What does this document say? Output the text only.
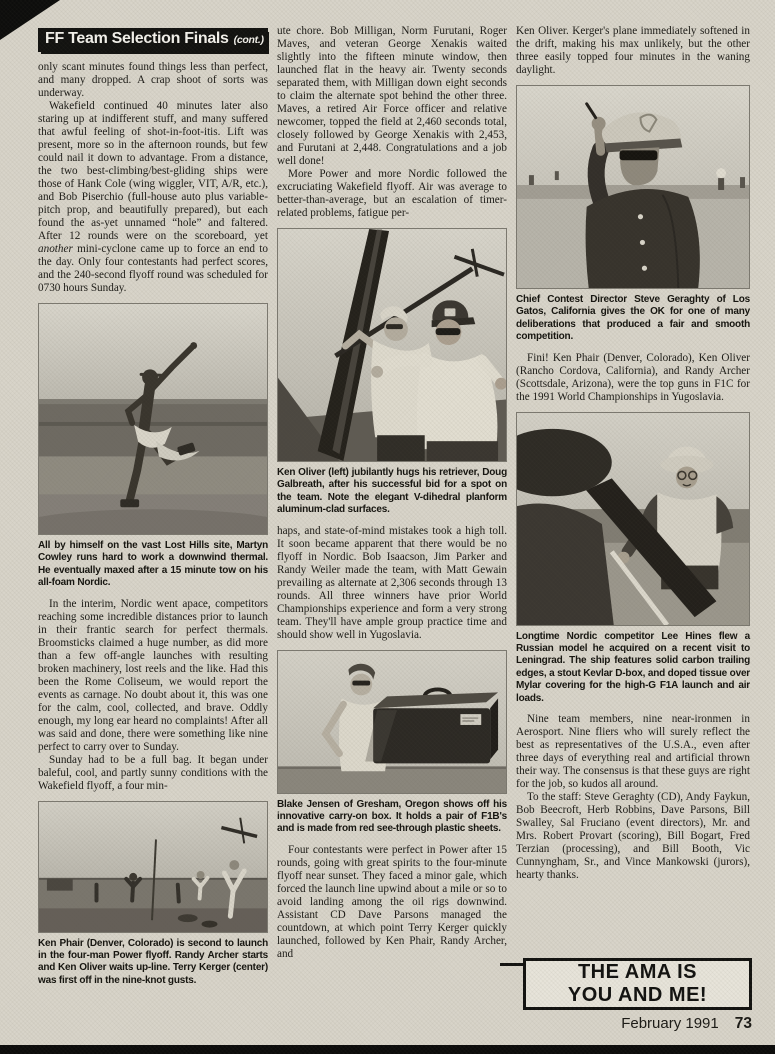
FF Team Selection Finals (cont.)

only scant minutes found things less than perfect, and many dropped. A crap shoot of sorts was underway.

Wakefield continued 40 minutes later also staring up at indifferent stuff, and many suffered that awful feeling of shot-in-foot-itis. Lift was present, more so in the afternoon rounds, but few could nail it down to advantage. From a distance, the two best-climbing/best-gliding ships were those of Hank Cole (wing wiggler, VIT, A/R, etc.), and Bob Piserchio (full-house auto plus variable-pitch prop, and beautifully prepared), but each found the as-yet unnamed “hole” and faltered. After 12 rounds were on the scoreboard, yet another mini-cyclone came up to force an end to the day. Only four contestants had perfect scores, and the 240-second flyoff round was scheduled for 0730 hours Sunday.

All by himself on the vast Lost Hills site, Martyn Cowley runs hard to work a downwind thermal. He eventually maxed after a 15 minute tow on his all-foam Nordic.

In the interim, Nordic went apace, competitors reaching some incredible distances prior to launch in their frantic search for perfect thermals. Broomsticks claimed a huge number, as did more than a few off-angle launches with resulting broken machinery, lost reels and the like. Had this been the Rome Coliseum, we would report the events as carnage. No doubt about it, this was one for the calm, cool, collected, and brave. Oddly enough, my long ear heard no complaints! After all was said and done, there were something like nine perfect to carry over to Sunday.

Sunday had to be a full bag. It began under baleful, cool, and partly sunny conditions with the Wakefield flyoff, a four min-

Ken Phair (Denver, Colorado) is second to launch in the four-man Power flyoff. Randy Archer starts and Ken Oliver waits up-line. Terry Kerger (center) was first off in the nine-knot gusts.

ute chore. Bob Milligan, Norm Furutani, Roger Maves, and veteran George Xenakis waited slightly into the fifteen minute window, then launched flat in the heavy air. Twenty seconds separated them, with Milligan down eight seconds to claim the alternate spot behind the other three. Maves, a retired Air Force officer and relative newcomer, topped the field at 2,460 seconds total, closely followed by George Xenakis with 2,453, and Furutani at 2,448. Congratulations and a job well done!

More Power and more Nordic followed the excruciating Wakefield flyoff. Air was average to better-than-average, but an escalation of timer-related problems, fatigue per-

Ken Oliver (left) jubilantly hugs his retriever, Doug Galbreath, after his successful bid for a spot on the team. Note the elegant V-dihedral planform aluminum-clad surfaces.

haps, and state-of-mind mistakes took a high toll. It soon became apparent that there would be no flyoff in Nordic. Bob Isaacson, Jim Parker and Randy Weiler made the team, with Matt Gewain prevailing as alternate at 2,306 seconds through 13 rounds. All three winners have prior World Championships experience and form a very strong team. They'll have ample group practice time and should show well in Yugoslavia.

Blake Jensen of Gresham, Oregon shows off his innovative carry-on box. It holds a pair of F1B's and is made from red see-through plastic sheets.

Four contestants were perfect in Power after 15 rounds, going with great spirits to the four-minute flyoff near sunset. They faced a minor gale, which forced the launch line upwind about a mile or so to avoid landing among the oil rigs downwind. Assistant CD Dave Parsons managed the countdown, at which point Terry Kerger quickly launched, followed by Ken Phair, Randy Archer, and

Ken Oliver. Kerger's plane immediately softened in the drift, making his max unlikely, but the other three easily topped four minutes in the waning daylight.

Chief Contest Director Steve Geraghty of Los Gatos, California gives the OK for one of many deliberations that produced a fair and smooth competition.

Fini! Ken Phair (Denver, Colorado), Ken Oliver (Rancho Cordova, California), and Randy Archer (Scottsdale, Arizona), were the top guns in F1C for the 1991 World Championships in Yugoslavia.

Longtime Nordic competitor Lee Hines flew a Russian model he acquired on a recent visit to Leningrad. The ship features solid carbon trailing edges, a stout Kevlar D-box, and doped tissue over Mylar covering for the high-G F1A launch and air loads.

Nine team members, nine near-ironmen in Aerosport. Nine fliers who will surely reflect the best as representatives of the U.S.A., even after three days of everything real and artificial thrown their way. The consensus is that these guys are right for the job, so kudos all around.

To the staff: Steve Geraghty (CD), Andy Faykun, Bob Beecroft, Herb Robbins, Dave Parsons, Bill Swalley, Sal Fruciano (event directors), Mr. and Mrs. Robert Provart (scoring), Bill Bogart, Fred Terzian (processing), and Bill Booth, Vic Cunnyngham, Sr., and Vince Mankowski (jurors), hearty thanks.

THE AMA IS
YOU AND ME!
February 1991 73
